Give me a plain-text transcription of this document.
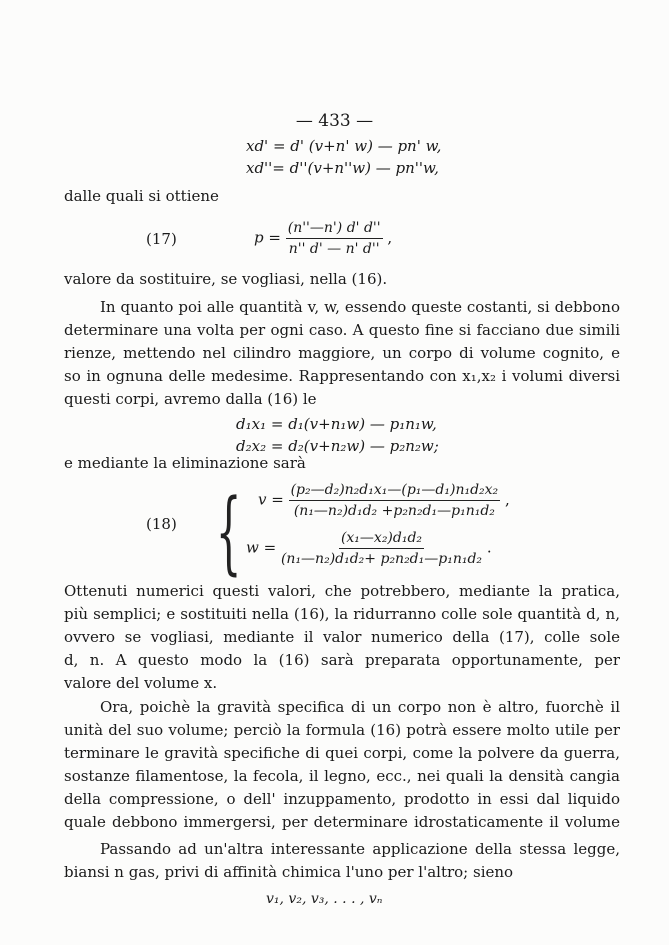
— 433 —
xd' = d' (v+n' w) — pn' w,
xd''= d''(v+n''w) — pn''w,
dalle quali si ottiene
(17)	$p = \frac{(n''—n') d' d''}{n'' d' — n' d''}$ ,
valore da sostituire, se vogliasi, nella (16).
In quanto poi alle quantità v, w, essendo queste costanti, si debbono
determinare una volta per ogni caso. A questo fine si facciano due simili
rienze, mettendo nel cilindro maggiore, un corpo di volume cognito, e
so in ognuna delle medesime. Rappresentando con x₁,x₂ i volumi diversi
questi corpi, avremo dalla (16) le
d₁x₁ = d₁(v+n₁w) — p₁n₁w,
d₂x₂ = d₂(v+n₂w) — p₂n₂w;
e mediante la eliminazione sarà
(18) { $v = \frac{\text{(p₂—d₂)n₂d₁x₁—(p₁—d₁)n₁d₂x₂}}{\text{(n₁—n₂)d₁d₂ +p₂n₂d₁—p₁n₁d₂}}$ ,
$w = \frac{\text{(x₁—x₂)d₁d₂}}{\text{(n₁—n₂)d₁d₂+ p₂n₂d₁—p₁n₁d₂}}$ .
Ottenuti numerici questi valori, che potrebbero, mediante la pratica,
più semplici; e sostituiti nella (16), la ridurranno colle sole quantità d, n,
ovvero se vogliasi, mediante il valor numerico della (17), colle sole
d, n. A questo modo la (16) sarà preparata opportunamente, per
valore del volume x.
Ora, poichè la gravità specifica di un corpo non è altro, fuorchè il
unità del suo volume; perciò la formula (16) potrà essere molto utile per
terminare le gravità specifiche di quei corpi, come la polvere da guerra,
sostanze filamentose, la fecola, il legno, ecc., nei quali la densità cangia
della compressione, o dell' inzuppamento, prodotto in essi dal liquido
quale debbono immergersi, per determinare idrostaticamente il volume
Passando ad un'altra interessante applicazione della stessa legge,
biansi n gas, privi di affinità chimica l'uno per l'altro; sieno
v₁, v₂, v₃, . . . , vₙ
